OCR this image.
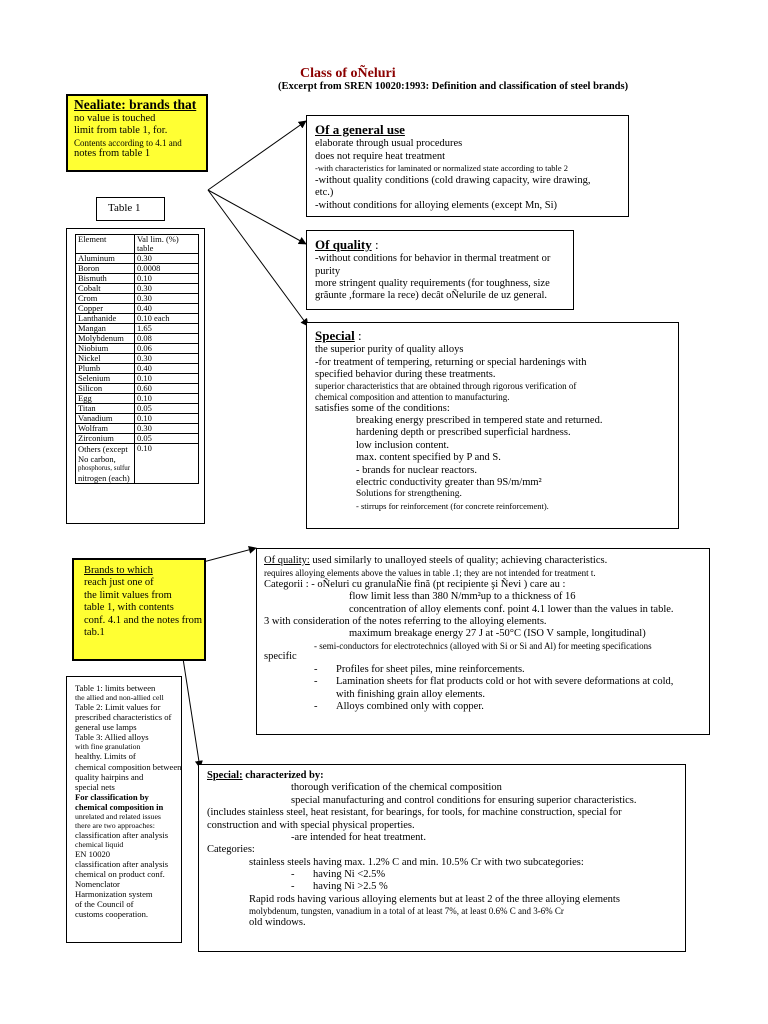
Class of oÑeluri
(Excerpt from SREN 10020:1993: Definition and classification of steel brands)
Nealiate: brands that
no value is touched
limit from table 1, for.
Contents according to 4.1 and
notes from table 1
Table 1
Element	Val lim. (%) table
Aluminum	0.30
Boron	0.0008
Bismuth	0.10
Cobalt	0.30
Crom	0.30
Copper	0.40
Lanthanide	0.10 each
Mangan	1.65
Molybdenum	0.08
Niobium	0.06
Nickel	0.30
Plumb	0.40
Selenium	0.10
Silicon	0.60
Egg	0.10
Titan	0.05
Vanadium	0.10
Wolfram	0.30
Zirconium	0.05

Others (except
No carbon,
phosphorus, sulfur
nitrogen (each)	0.10
Of a general use
elaborate through usual procedures
does not require heat treatment
-with characteristics for laminated or normalized state according to table 2
-without quality conditions (cold drawing capacity, wire drawing,
etc.)
-without conditions for alloying elements (except Mn, Si)
Of quality :
-without conditions for behavior in thermal treatment or
purity
more stringent quality requirements (for toughness, size
grăunte ,formare la rece) decât oÑelurile de uz general.
Special :
the superior purity of quality alloys
-for treatment of tempering, returning or special hardenings with
specified behavior during these treatments.
superior characteristics that are obtained through rigorous verification of
chemical composition and attention to manufacturing.
satisfies some of the conditions:
breaking energy prescribed in tempered state and returned.
hardening depth or prescribed superficial hardness.
low inclusion content.
max. content specified by P and S.
- brands for nuclear reactors.
electric conductivity greater than 9S/m/mm²
Solutions for strengthening.
- stirrups for reinforcement (for concrete reinforcement).
Brands to which
reach just one of
the limit values from
table 1, with contents
conf. 4.1 and the notes from
tab.1
Of quality: used similarly to unalloyed steels of quality; achieving characteristics.
requires alloying elements above the values in table .1; they are not intended for treatment t.
Categorii : - oÑeluri cu granulaÑie fină (pt recipiente şi Ñevi ) care au :
flow limit less than 380 N/mm²up to a thickness of 16
concentration of alloy elements conf. point 4.1 lower than the values in table.
3 with consideration of the notes referring to the alloying elements.
maximum breakage energy 27 J at -50°C (ISO V sample, longitudinal)
- semi-conductors for electrotechnics (alloyed with Si or Si and Al) for meeting specifications
specific
- Profiles for sheet piles, mine reinforcements.
- Lamination sheets for flat products cold or hot with severe deformations at cold,
with finishing grain alloy elements.
- Alloys combined only with copper.
Table 1: limits between
the allied and non-allied cell
Table 2: Limit values for
prescribed characteristics of
general use lamps
Table 3: Allied alloys
with fine granulation
healthy. Limits of
chemical composition between
quality hairpins and
special nets
For classification by
chemical composition in
unrelated and related issues
there are two approaches:
classification after analysis
chemical liquid
EN 10020
classification after analysis
chemical on product conf.
Nomenclator
Harmonization system
of the Council of
customs cooperation.
Special: characterized by:
thorough verification of the chemical composition
special manufacturing and control conditions for ensuring superior characteristics.
(includes stainless steel, heat resistant, for bearings, for tools, for machine construction, special for
construction and with special physical properties.
-are intended for heat treatment.
Categories:
stainless steels having max. 1.2% C and min. 10.5% Cr with two subcategories:
- having Ni <2.5%
- having Ni >2.5 %
Rapid rods having various alloying elements but at least 2 of the three alloying elements
molybdenum, tungsten, vanadium in a total of at least 7%, at least 0.6% C and 3-6% Cr
old windows.
